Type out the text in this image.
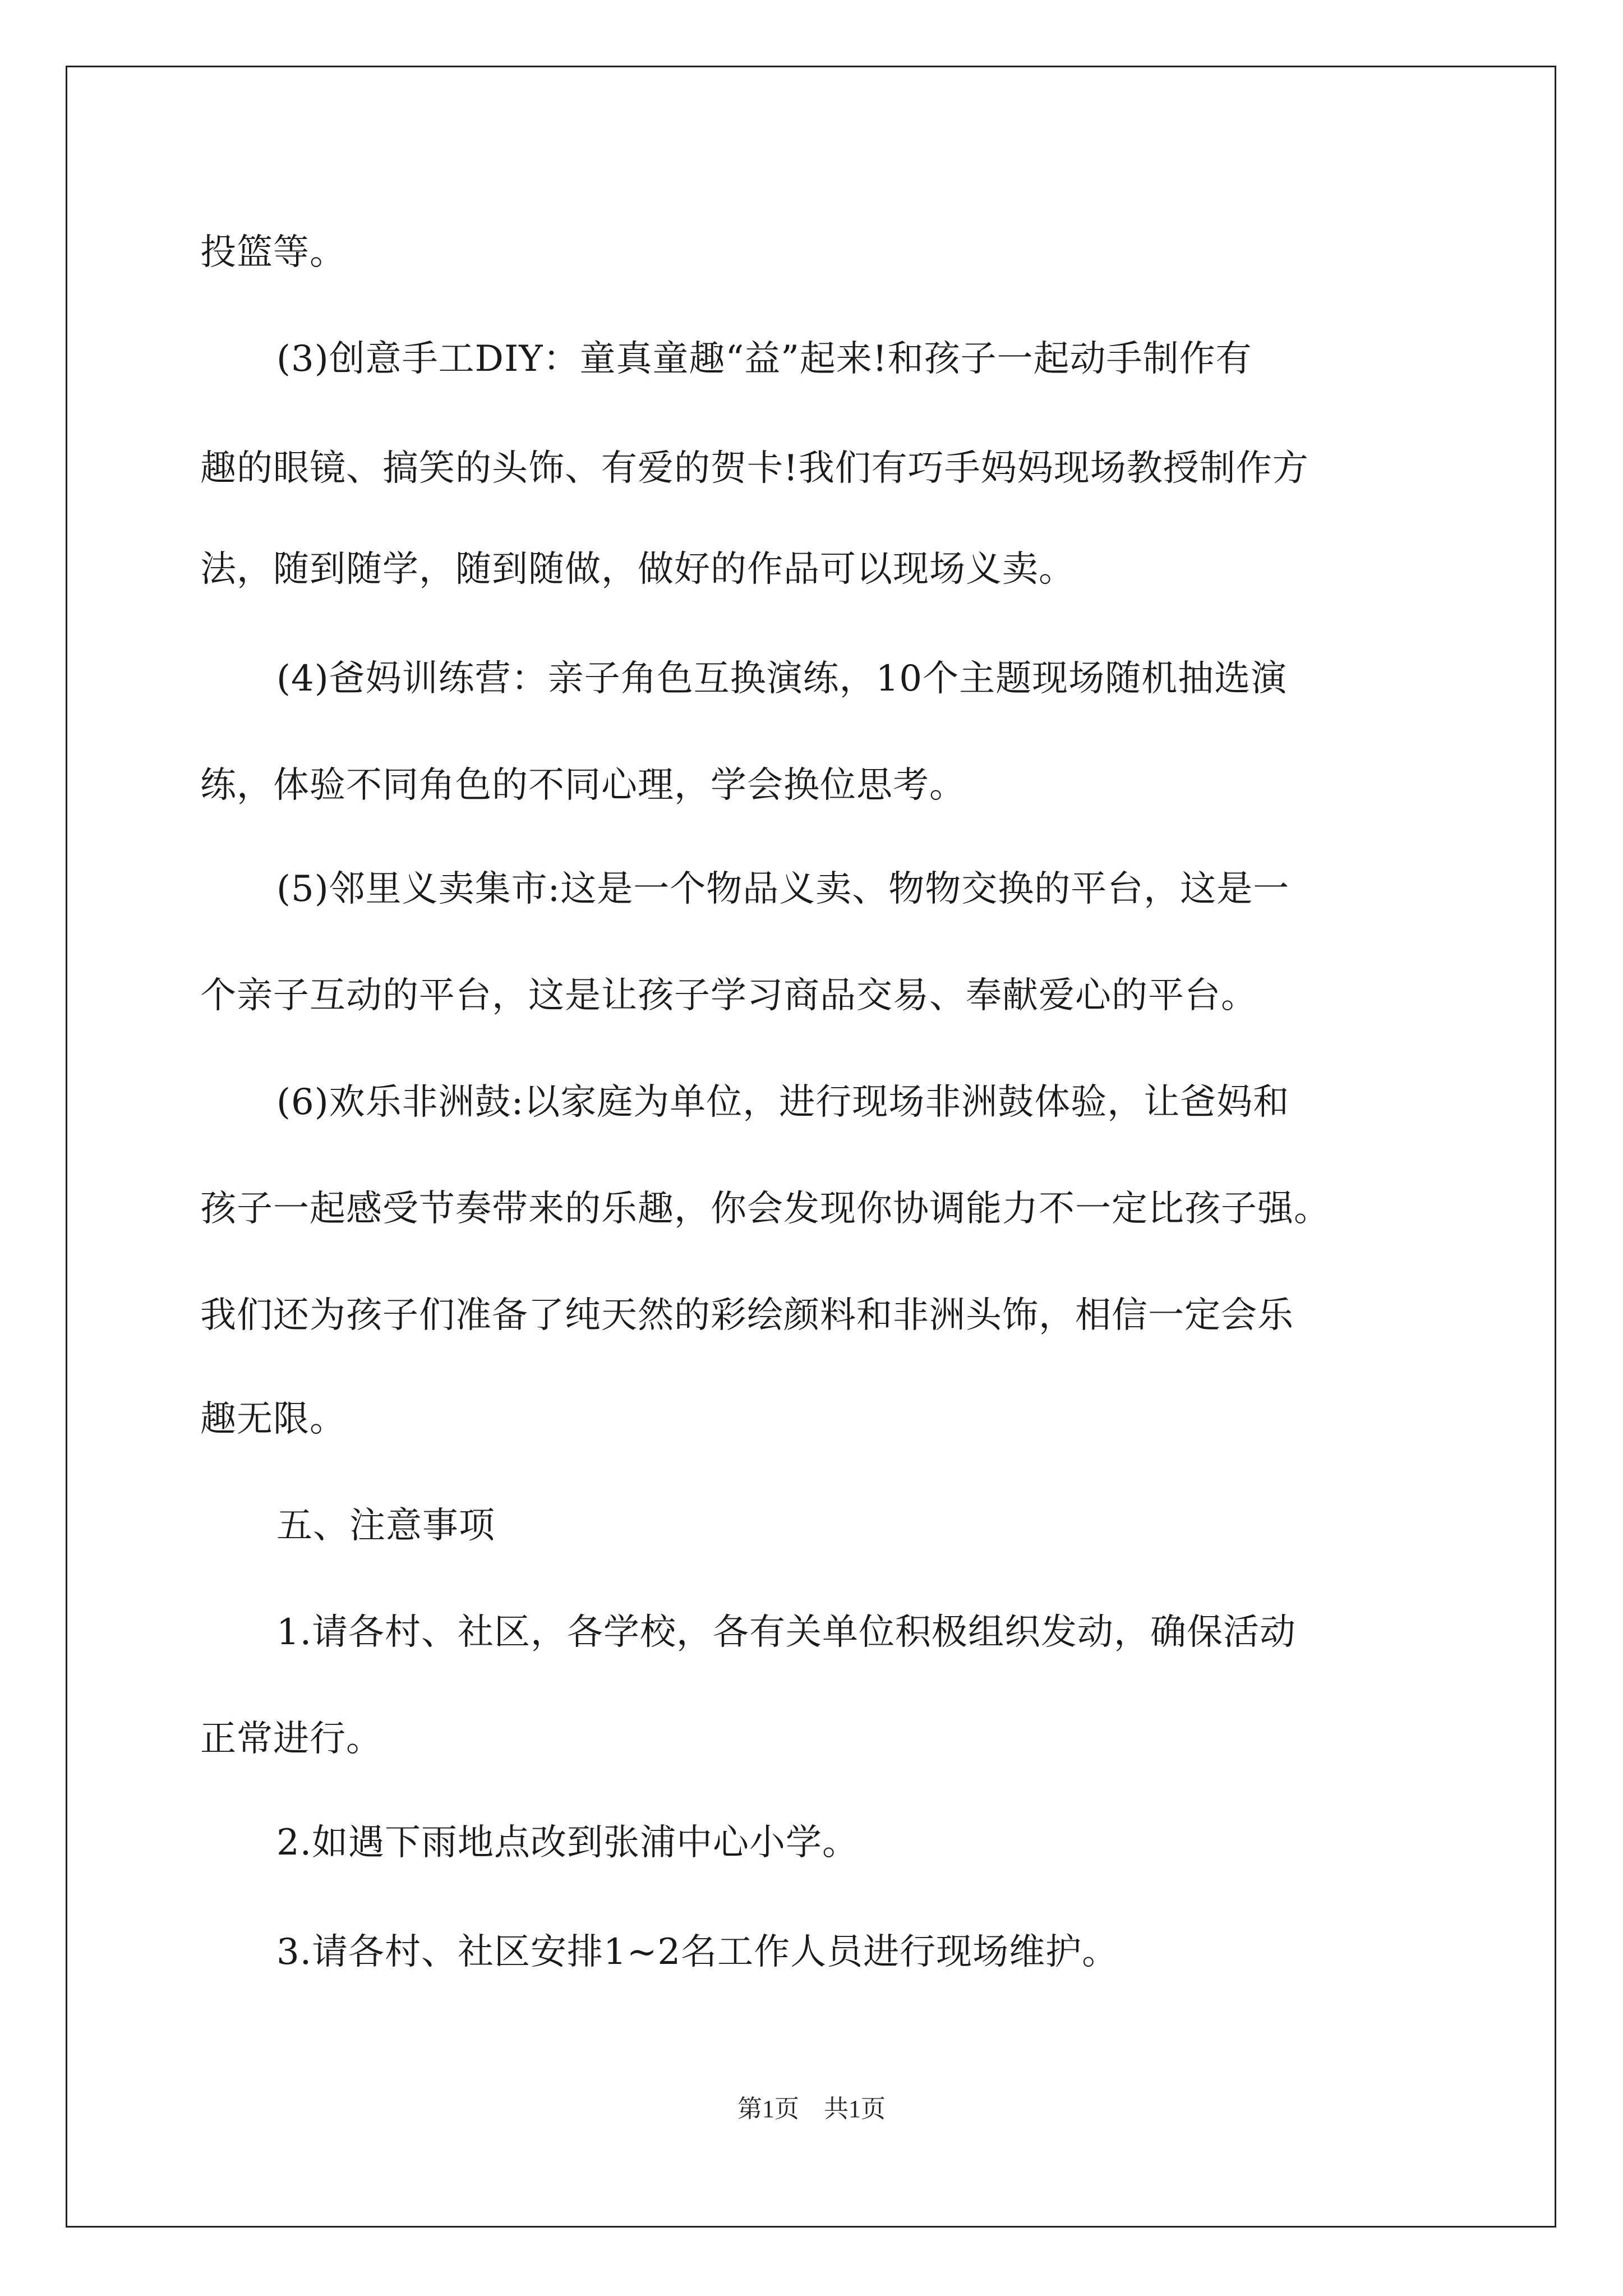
投篮等。
(3)创意手工DIY：童真童趣“益”起来!和孩子一起动手制作有
趣的眼镜、搞笑的头饰、有爱的贺卡!我们有巧手妈妈现场教授制作方
法，随到随学，随到随做，做好的作品可以现场义卖。
(4)爸妈训练营：亲子角色互换演练，10个主题现场随机抽选演
练，体验不同角色的不同心理，学会换位思考。
(5)邻里义卖集市:这是一个物品义卖、物物交换的平台，这是一
个亲子互动的平台，这是让孩子学习商品交易、奉献爱心的平台。
(6)欢乐非洲鼓:以家庭为单位，进行现场非洲鼓体验，让爸妈和
孩子一起感受节奏带来的乐趣，你会发现你协调能力不一定比孩子强。
我们还为孩子们准备了纯天然的彩绘颜料和非洲头饰，相信一定会乐
趣无限。
五、注意事项
1.请各村、社区，各学校，各有关单位积极组织发动，确保活动
正常进行。
2.如遇下雨地点改到张浦中心小学。
3.请各村、社区安排1~2名工作人员进行现场维护。
第1页　共1页
